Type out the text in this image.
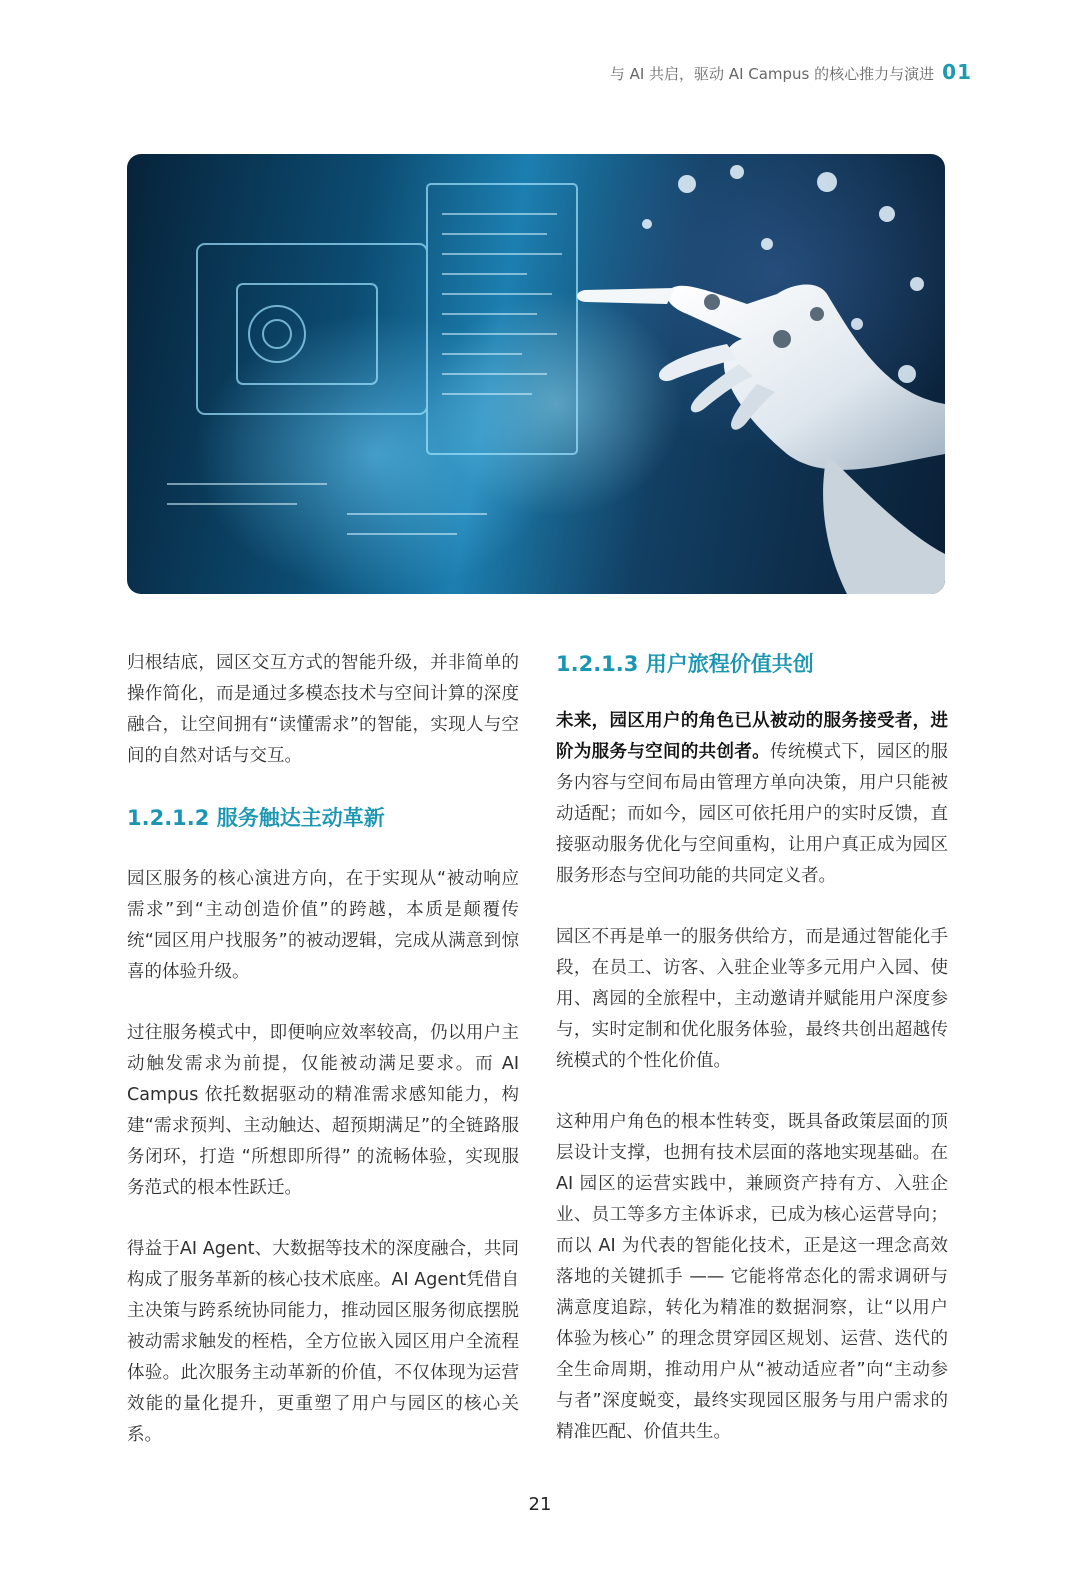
与 AI 共启，驱动 AI Campus 的核心推力与演进 01

归根结底，园区交互方式的智能升级，并非简单的操作简化，而是通过多模态技术与空间计算的深度融合，让空间拥有“读懂需求”的智能，实现人与空间的自然对话与交互。

1.2.1.2 服务触达主动革新

园区服务的核心演进方向，在于实现从“被动响应需求”到“主动创造价值”的跨越，本质是颠覆传统“园区用户找服务”的被动逻辑，完成从满意到惊喜的体验升级。

过往服务模式中，即便响应效率较高，仍以用户主动触发需求为前提，仅能被动满足要求。而 AI Campus 依托数据驱动的精准需求感知能力，构建“需求预判、主动触达、超预期满足”的全链路服务闭环，打造 “所想即所得” 的流畅体验，实现服务范式的根本性跃迁。

得益于AI Agent、大数据等技术的深度融合，共同构成了服务革新的核心技术底座。AI Agent凭借自主决策与跨系统协同能力，推动园区服务彻底摆脱被动需求触发的桎梏，全方位嵌入园区用户全流程体验。此次服务主动革新的价值，不仅体现为运营效能的量化提升，更重塑了用户与园区的核心关系。

1.2.1.3 用户旅程价值共创

未来，园区用户的角色已从被动的服务接受者，进阶为服务与空间的共创者。传统模式下，园区的服务内容与空间布局由管理方单向决策，用户只能被动适配；而如今，园区可依托用户的实时反馈，直接驱动服务优化与空间重构，让用户真正成为园区服务形态与空间功能的共同定义者。

园区不再是单一的服务供给方，而是通过智能化手段，在员工、访客、入驻企业等多元用户入园、使用、离园的全旅程中，主动邀请并赋能用户深度参与，实时定制和优化服务体验，最终共创出超越传统模式的个性化价值。

这种用户角色的根本性转变，既具备政策层面的顶层设计支撑，也拥有技术层面的落地实现基础。在 AI 园区的运营实践中，兼顾资产持有方、入驻企业、员工等多方主体诉求，已成为核心运营导向；而以 AI 为代表的智能化技术，正是这一理念高效落地的关键抓手 —— 它能将常态化的需求调研与满意度追踪，转化为精准的数据洞察，让“以用户体验为核心” 的理念贯穿园区规划、运营、迭代的全生命周期，推动用户从“被动适应者”向“主动参与者”深度蜕变，最终实现园区服务与用户需求的精准匹配、价值共生。

21
